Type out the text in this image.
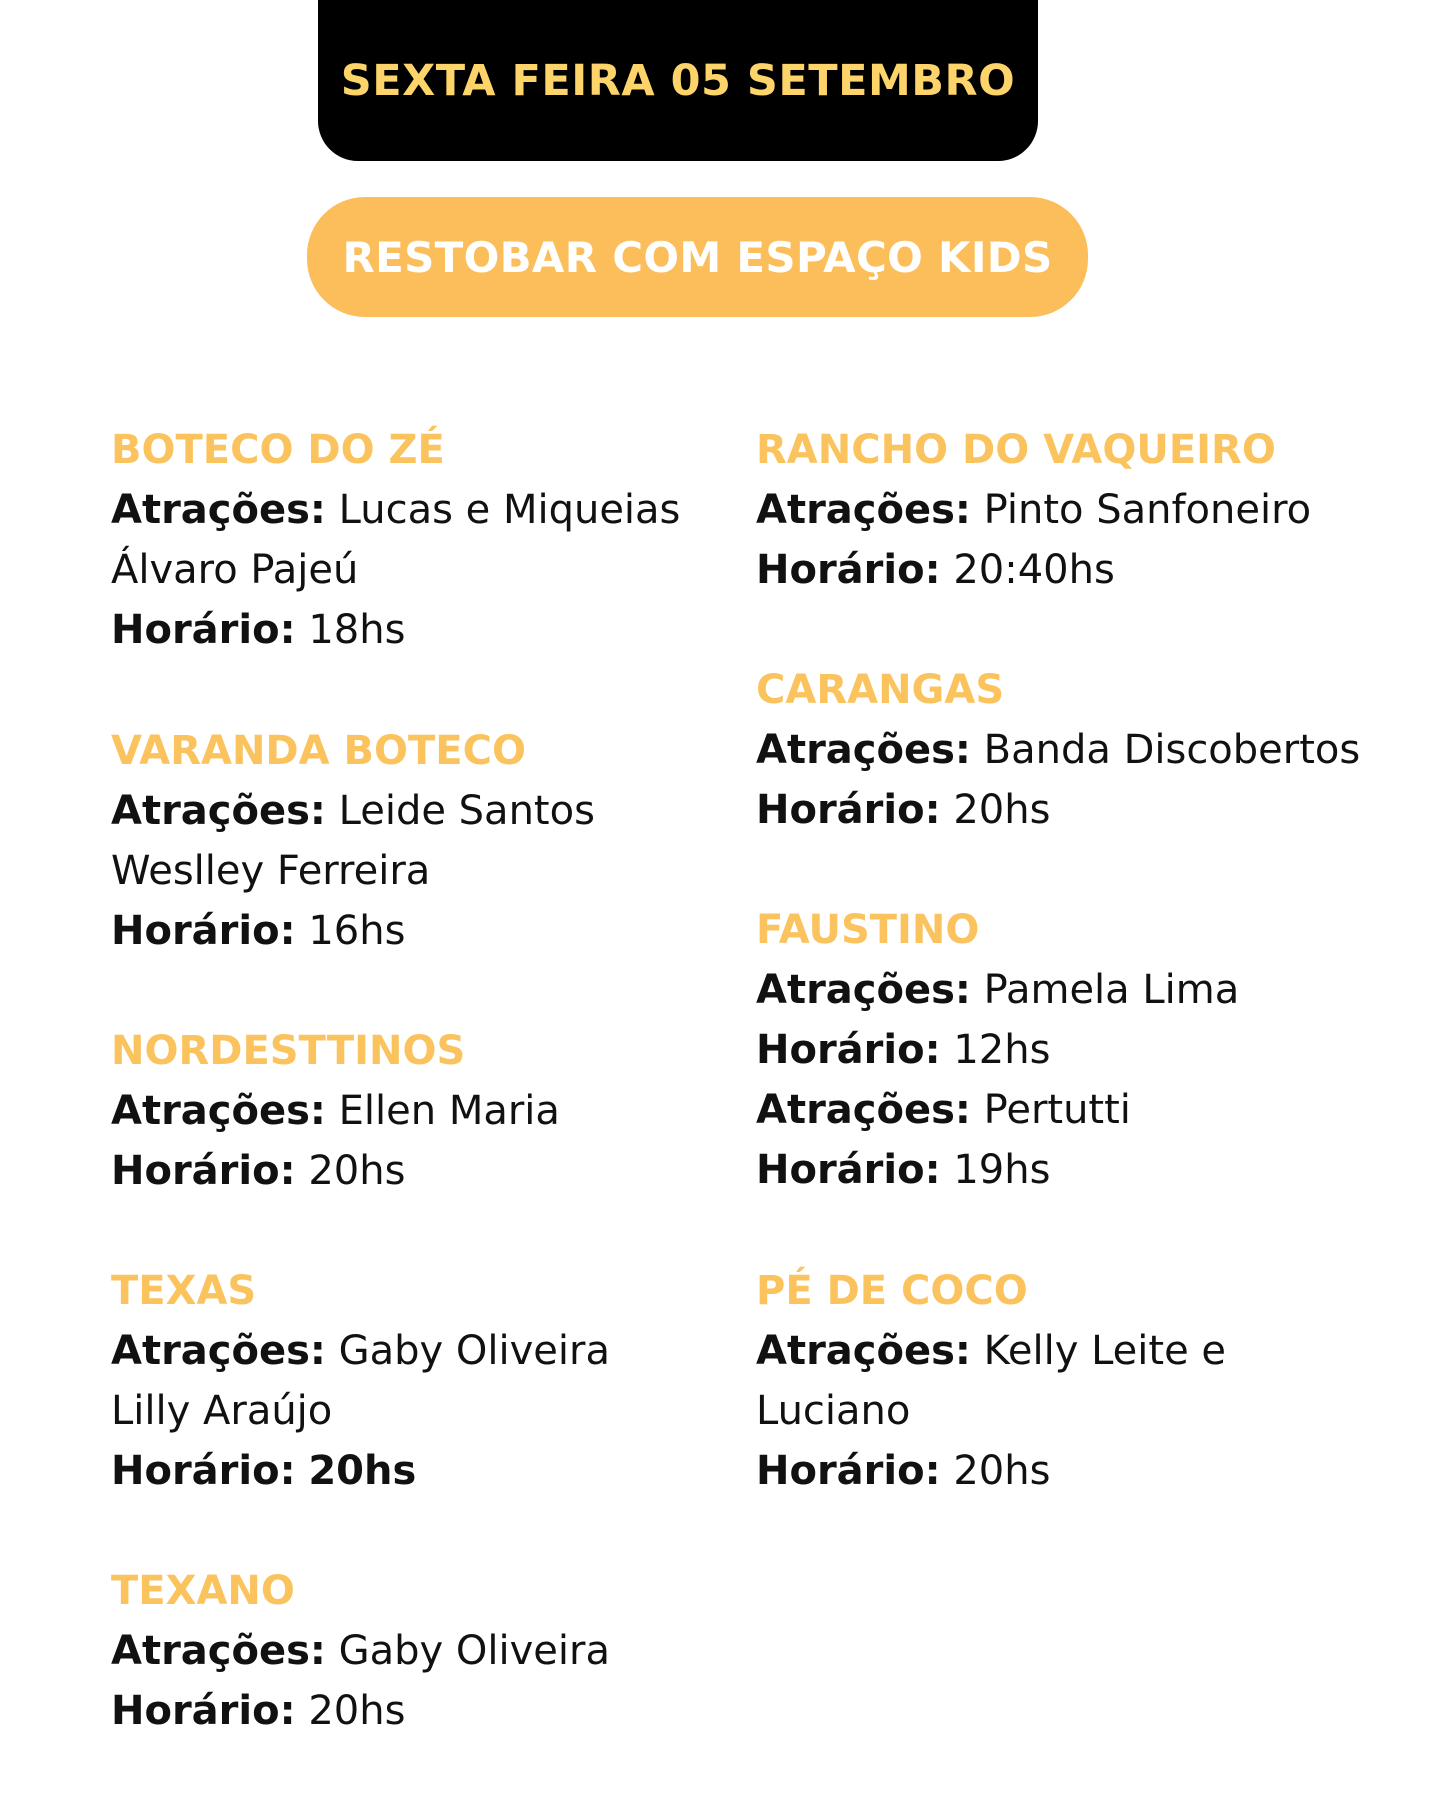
SEXTA FEIRA 05 SETEMBRO
RESTOBAR COM ESPAÇO KIDS
BOTECO DO ZÉ
Atrações: Lucas e Miqueias
Álvaro Pajeú
Horário: 18hs
VARANDA BOTECO
Atrações: Leide Santos
Weslley Ferreira
Horário: 16hs
NORDESTTINOS
Atrações: Ellen Maria
Horário: 20hs
TEXAS
Atrações: Gaby Oliveira
Lilly Araújo
Horário: 20hs
TEXANO
Atrações: Gaby Oliveira
Horário: 20hs
RANCHO DO VAQUEIRO
Atrações: Pinto Sanfoneiro
Horário: 20:40hs
CARANGAS
Atrações: Banda Discobertos
Horário: 20hs
FAUSTINO
Atrações: Pamela Lima
Horário: 12hs
Atrações: Pertutti
Horário: 19hs
PÉ DE COCO
Atrações: Kelly Leite e
Luciano
Horário: 20hs
